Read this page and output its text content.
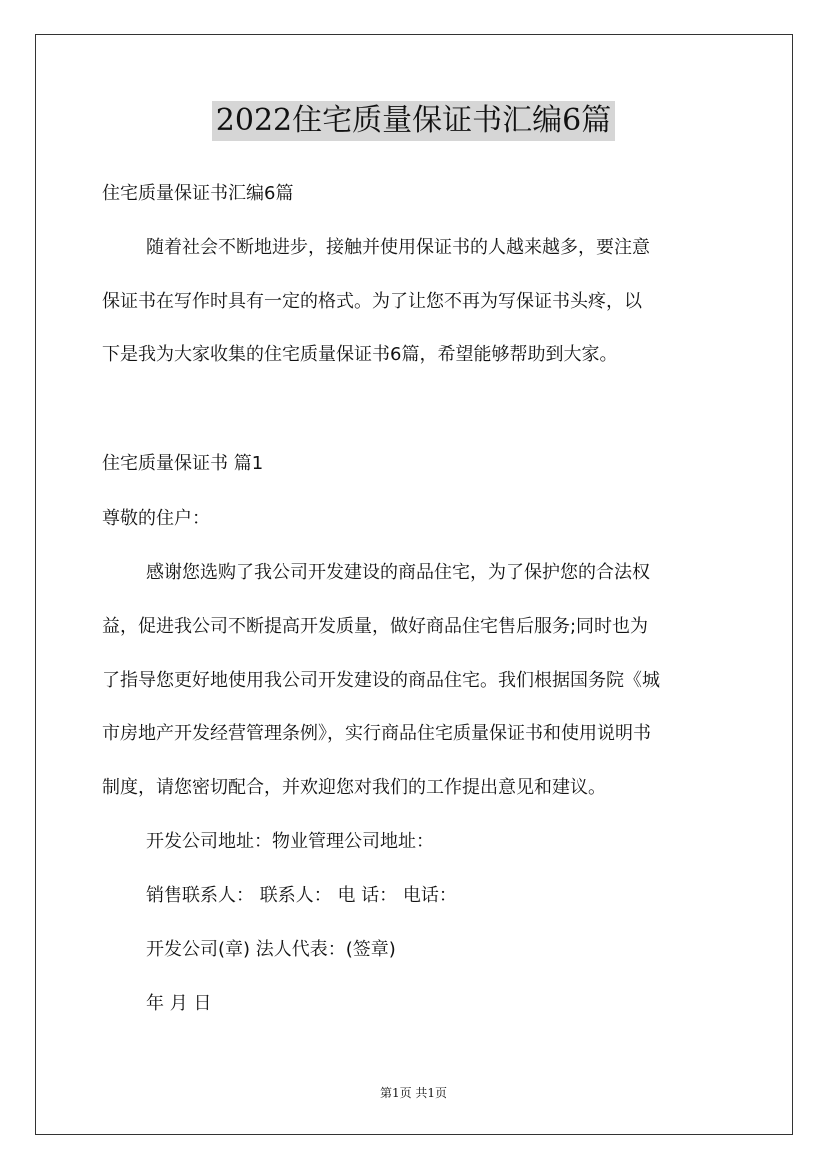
2022住宅质量保证书汇编6篇
住宅质量保证书汇编6篇
随着社会不断地进步，接触并使用保证书的人越来越多，要注意
保证书在写作时具有一定的格式。为了让您不再为写保证书头疼，以
下是我为大家收集的住宅质量保证书6篇，希望能够帮助到大家。
住宅质量保证书 篇1
尊敬的住户：
感谢您选购了我公司开发建设的商品住宅，为了保护您的合法权
益，促进我公司不断提高开发质量，做好商品住宅售后服务;同时也为
了指导您更好地使用我公司开发建设的商品住宅。我们根据国务院《城
市房地产开发经营管理条例》，实行商品住宅质量保证书和使用说明书
制度，请您密切配合，并欢迎您对我们的工作提出意见和建议。
开发公司地址：物业管理公司地址：
销售联系人： 联系人： 电 话： 电话：
开发公司(章) 法人代表：(签章)
年 月 日
第1页 共1页
